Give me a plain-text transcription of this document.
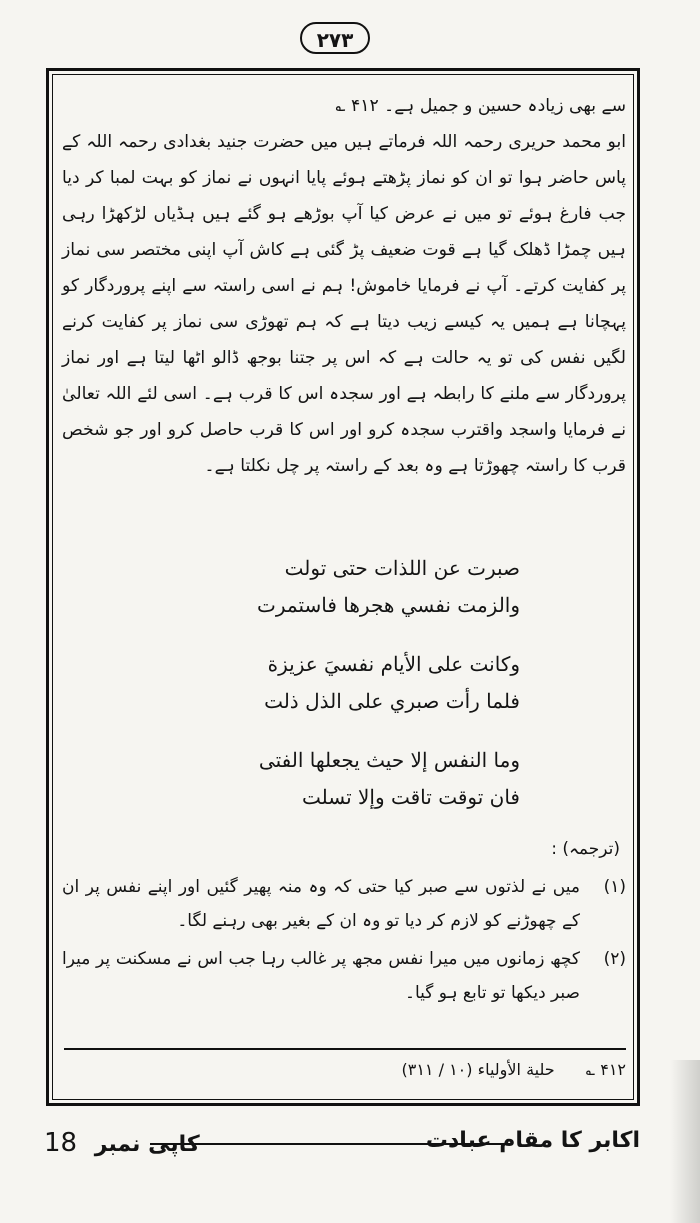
۲۷۳

سے بھی زیادہ حسین و جمیل ہے۔ ۴۱۲ ؎

ابو محمد حریری رحمہ اللہ فرماتے ہیں میں حضرت جنید بغدادی رحمہ اللہ کے پاس حاضر ہوا تو ان کو نماز پڑھتے ہوئے پایا انہوں نے نماز کو بہت لمبا کر دیا جب فارغ ہوئے تو میں نے عرض کیا آپ بوڑھے ہو گئے ہیں ہڈیاں لڑکھڑا رہی ہیں چمڑا ڈھلک گیا ہے قوت ضعیف پڑ گئی ہے کاش آپ اپنی مختصر سی نماز پر کفایت کرتے۔ آپ نے فرمایا خاموش! ہم نے اسی راستہ سے اپنے پروردگار کو پہچانا ہے ہمیں یہ کیسے زیب دیتا ہے کہ ہم تھوڑی سی نماز پر کفایت کرنے لگیں نفس کی تو یہ حالت ہے کہ اس پر جتنا بوجھ ڈالو اٹھا لیتا ہے اور نماز پروردگار سے ملنے کا رابطہ ہے اور سجدہ اس کا قرب ہے۔ اسی لئے اللہ تعالیٰ نے فرمایا واسجد واقترب سجدہ کرو اور اس کا قرب حاصل کرو اور جو شخص قرب کا راستہ چھوڑتا ہے وہ بعد کے راستہ پر چل نکلتا ہے۔

صبرت عن اللذات حتى تولت
والزمت نفسي هجرها فاستمرت
وكانت على الأيام نفسيَ عزيزة
فلما رأت صبري على الذل ذلت
وما النفس إلا حيث يجعلها الفتى
فان توقت تاقت وإلا تسلت
(ترجمہ) :
(۱)
میں نے لذتوں سے صبر کیا حتی کہ وہ منہ پھیر گئیں اور اپنے نفس پر ان کے چھوڑنے کو لازم کر دیا تو وہ ان کے بغیر بھی رہنے لگا۔
(۲)
کچھ زمانوں میں میرا نفس مجھ پر غالب رہا جب اس نے مسکنت پر میرا صبر دیکھا تو تابع ہو گیا۔
۴۱۲ ؎ حلية الأولياء (۱۰ / ۳۱۱)
اکابر کا مقام عبادت
کاپی نمبر 18
